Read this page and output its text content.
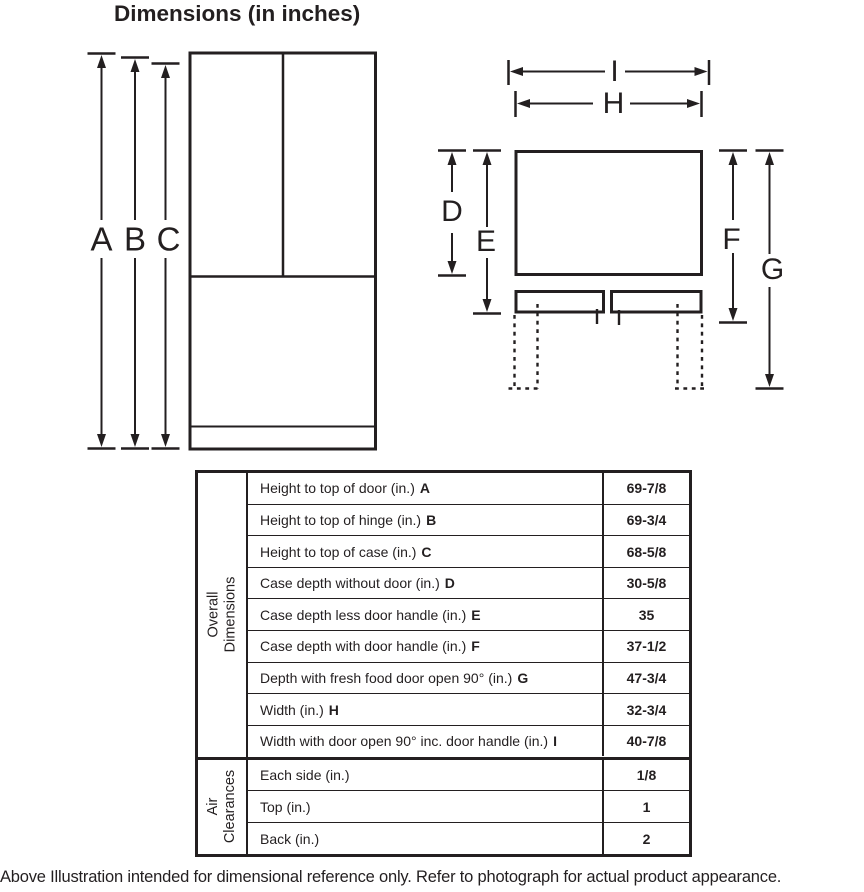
Dimensions (in inches)
A B C
D
E	F
G
H
I
Overall Dimensions
Height to top of door (in.) A	69-7/8
Height to top of hinge (in.) B	69-3/4
Height to top of case (in.) C	68-5/8
Case depth without door (in.) D	30-5/8
Case depth less door handle (in.) E	35
Case depth with door handle (in.) F	37-1/2
Depth with fresh food door open 90° (in.) G	47-3/4
Width (in.) H	32-3/4
Width with door open 90° inc. door handle (in.) I	40-7/8
Air Clearances Each side (in.)	1/8
Top (in.)	1
Back (in.)	2
Above Illustration intended for dimensional reference only. Refer to photograph for actual product appearance.
